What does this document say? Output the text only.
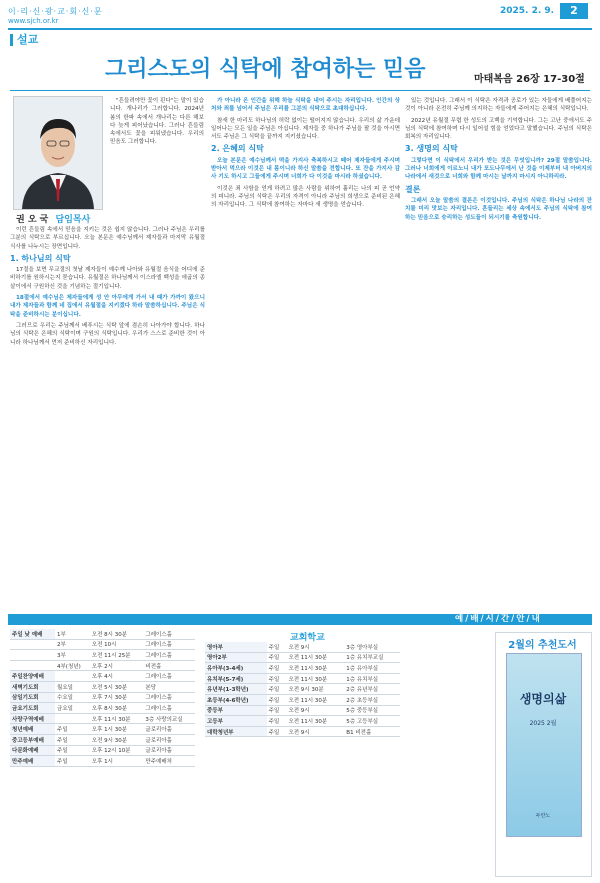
이·리·신·광·교·회·신·문
www.sjch.or.kr
2025. 2. 9.	2
설교
그리스도의 식탁에 참여하는 믿음	마태복음 26장 17-30절
권 오 국 담임목사

"흔들려야만 꽃이 핀다"는 말이 있습니다. 개나리가 그러합니다. 2024년 봄의 한파 속에서 개나리는 다른 해보다 늦게 피어났습니다. 그러나 흔들림 속에서도 꽃을 피워냈습니다. 우리의 믿음도 그러합니다.

이런 흔들림 속에서 믿음을 지키는 것은 쉽지 않습니다. 그러나 주님은 우리를 그분의 식탁으로 부르십니다. 오늘 본문은 예수님께서 제자들과 마지막 유월절 식사를 나누시는 장면입니다.

1. 하나님의 식탁

17절을 보면 무교절의 첫날 제자들이 예수께 나아와 유월절 음식을 어디에 준비하기를 원하시는지 묻습니다. 유월절은 하나님께서 이스라엘 백성을 애굽의 종살이에서 구원하신 것을 기념하는 절기입니다.

18절에서 예수님은 제자들에게 성 안 아무에게 가서 내 때가 가까이 왔으니 내가 제자들과 함께 네 집에서 유월절을 지키겠다 하라 말씀하십니다. 주님은 식탁을 준비하시는 분이십니다.

그러므로 우리는 주님께서 베푸시는 식탁 앞에 겸손히 나아가야 합니다. 하나님의 식탁은 은혜의 식탁이며 구원의 식탁입니다. 우리가 스스로 준비한 것이 아니라 하나님께서 먼저 준비하신 자리입니다.

가 아니라 온 인간을 위해 하늘 식탁을 내어 주시는 자리입니다. 인간의 상처와 죄를 넘어서 주님은 우리를 그분의 식탁으로 초대하십니다.

참새 한 마리도 하나님의 허락 없이는 떨어지지 않습니다. 우리의 삶 가운데 일어나는 모든 일을 주님은 아십니다. 제자들 중 하나가 주님을 팔 것을 아시면서도 주님은 그 식탁을 끝까지 지키셨습니다.

2. 은혜의 식탁

오늘 본문은 예수님께서 떡을 가지사 축복하시고 떼어 제자들에게 주시며 받아서 먹으라 이것은 내 몸이니라 하신 말씀을 전합니다. 또 잔을 가지사 감사 기도 하시고 그들에게 주시며 너희가 다 이것을 마시라 하셨습니다.

이것은 죄 사함을 얻게 하려고 많은 사람을 위하여 흘리는 나의 피 곧 언약의 피니라. 주님의 식탁은 우리의 자격이 아니라 주님의 희생으로 준비된 은혜의 자리입니다. 그 식탁에 참여하는 자마다 새 생명을 얻습니다.

있는 것입니다. 그래서 이 식탁은 자격과 공로가 있는 자들에게 베풀어지는 것이 아니라 온전히 주님께 의지하는 자들에게 주어지는 은혜의 식탁입니다.

2022년 유월절 무렵 한 성도의 고백을 기억합니다. 그는 고난 중에서도 주님의 식탁에 참여하며 다시 일어설 힘을 얻었다고 말했습니다. 주님의 식탁은 회복의 자리입니다.

3. 생명의 식탁

그렇다면 이 식탁에서 우리가 받는 것은 무엇입니까? 29절 말씀입니다. 그러나 너희에게 이르노니 내가 포도나무에서 난 것을 이제부터 내 아버지의 나라에서 새것으로 너희와 함께 마시는 날까지 마시지 아니하리라.

결론

그래서 오늘 말씀의 결론은 이것입니다. 주님의 식탁은 하나님 나라의 잔치를 미리 맛보는 자리입니다. 흔들리는 세상 속에서도 주님의 식탁에 참여하는 믿음으로 승리하는 성도들이 되시기를 축원합니다.

예/배/시/간/안/내
주일 낮 예배	1부	오전 8시 30분	그레이스홀
	2부	오전 10시	그레이스홀
	3부	오전 11시 25분	그레이스홀
	4부(청년)	오후 2시	비전홀
주일찬양예배		오후 4시	그레이스홀
새벽기도회	월요일	오전 5시 30분	본당
삼일기도회	수요일	오후 7시 30분	그레이스홀
금요기도회	금요일	오후 8시 30분	그레이스홀
사랑구역예배		오후 11시 30분	3층 사랑의교실
청년예배	주일	오후 1시 30분	글로리아홀
중고등부예배	주일	오전 9시 30분	글로리아홀
다문화예배	주일	오후 12시 10분	글로리아홀
만주예배	주일	오후 1시	만주예배처
교회학교
영아부	주일	오전 9시	3층 영아부실
영아2부	주일	오전 11시 30분	1층 유치부교실
유아부(3-4세)	주일	오전 11시 30분	1층 유아부실
유치부(5-7세)	주일	오전 11시 30분	1층 유치부실
유년부(1-3학년)	주일	오전 9시 30분	2층 유년부실
초등부(4-6학년)	주일	오전 11시 30분	2층 초등부실
중등부	주일	오전 9시	5층 중등부실
고등부	주일	오전 11시 30분	5층 고등부실
대학청년부	주일	오전 9시	B1 비전홀
2월의 추천도서
생명의삶
2025 2월
두란노
